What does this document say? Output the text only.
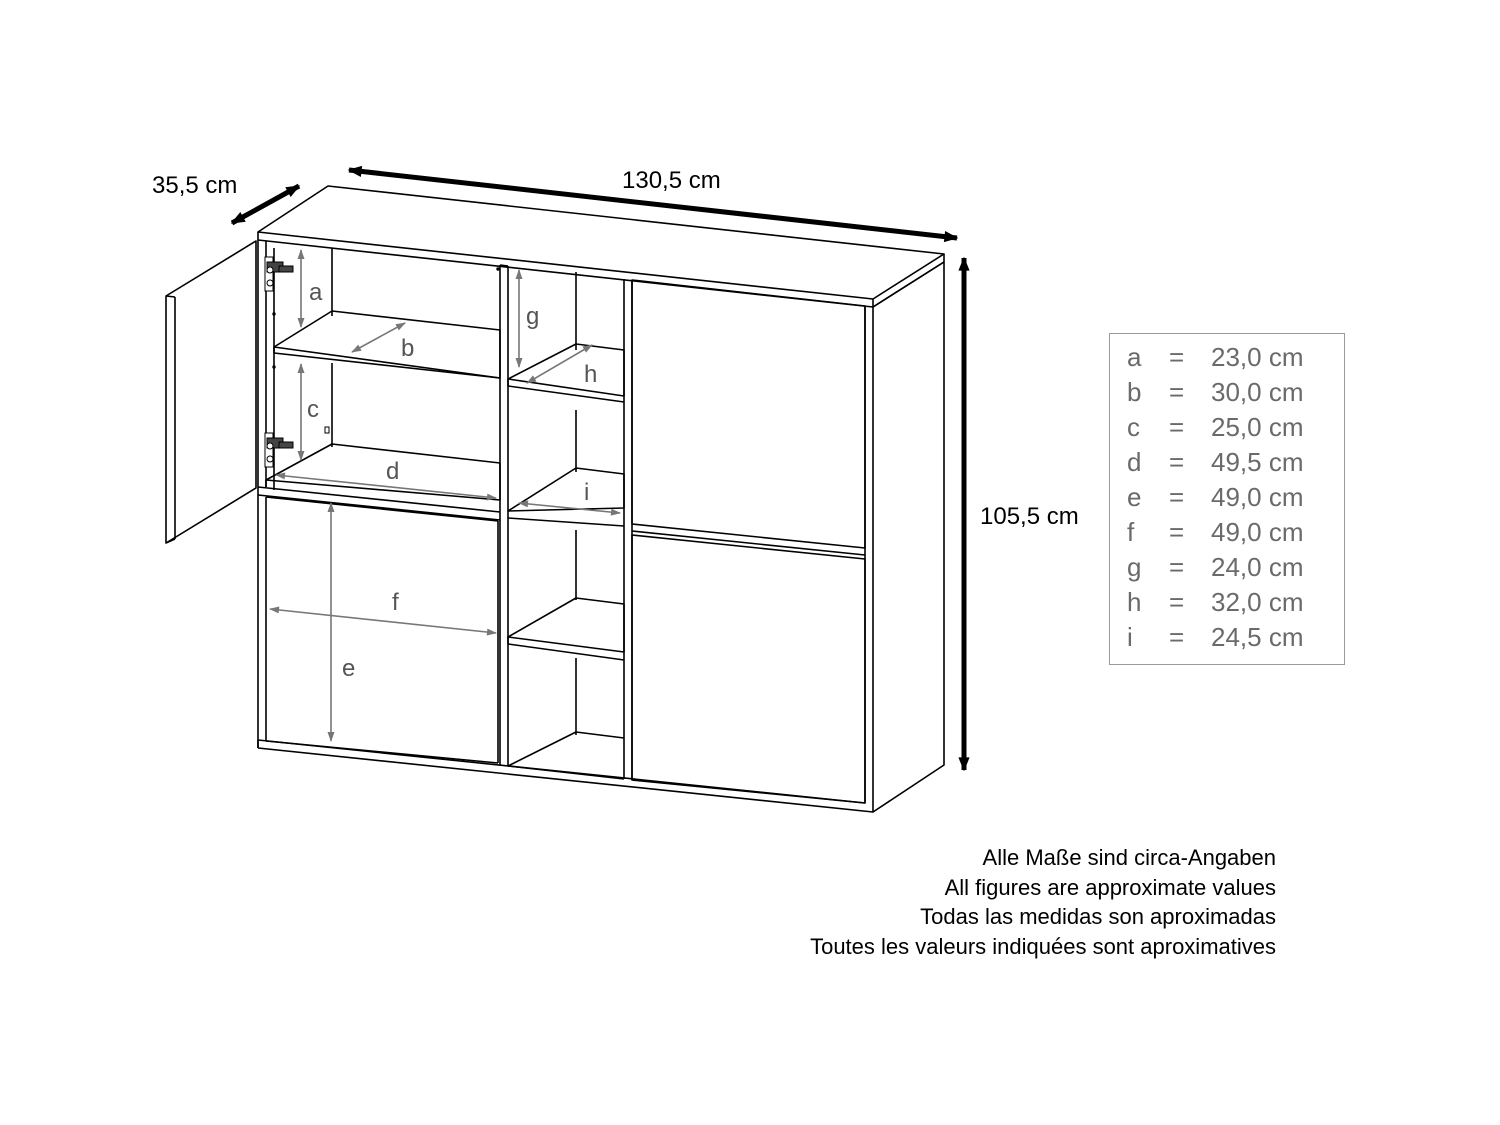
35,5 cm	130,5 cm
105,5 cm
a
b
c
d
e
f
g
h
i
a = 23,0 cm
b = 30,0 cm
c = 25,0 cm
d = 49,5 cm
e = 49,0 cm
f = 49,0 cm
g = 24,0 cm
h = 32,0 cm
i = 24,5 cm
Alle Maße sind circa-Angaben
All figures are approximate values
Todas las medidas son aproximadas
Toutes les valeurs indiquées sont aproximatives
